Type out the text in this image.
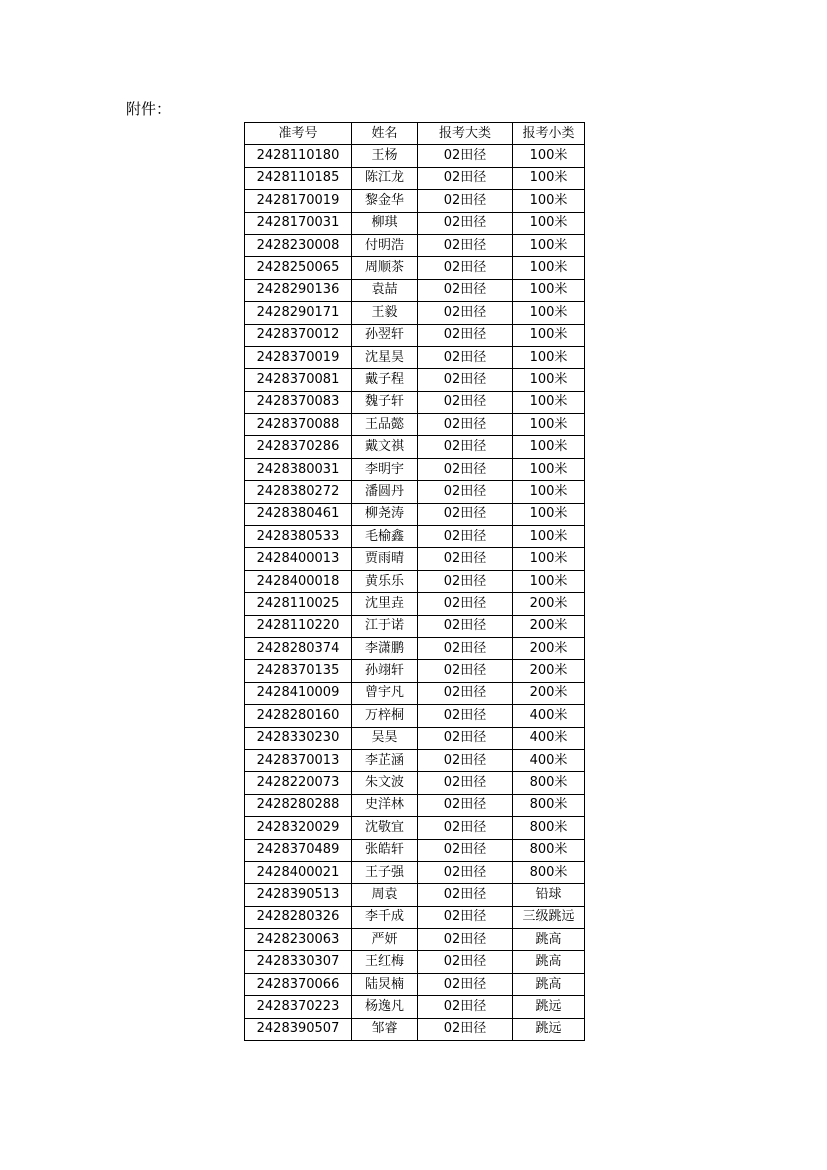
附件：
准考号	姓名	报考大类	报考小类
2428110180	王杨	02田径	100米
2428110185	陈江龙	02田径	100米
2428170019	黎金华	02田径	100米
2428170031	柳琪	02田径	100米
2428230008	付明浩	02田径	100米
2428250065	周顺茶	02田径	100米
2428290136	袁喆	02田径	100米
2428290171	王毅	02田径	100米
2428370012	孙翌轩	02田径	100米
2428370019	沈星昊	02田径	100米
2428370081	戴子程	02田径	100米
2428370083	魏子轩	02田径	100米
2428370088	王品懿	02田径	100米
2428370286	戴文祺	02田径	100米
2428380031	李明宇	02田径	100米
2428380272	潘圆丹	02田径	100米
2428380461	柳尧涛	02田径	100米
2428380533	毛榆鑫	02田径	100米
2428400013	贾雨晴	02田径	100米
2428400018	黄乐乐	02田径	100米
2428110025	沈里垚	02田径	200米
2428110220	江于诺	02田径	200米
2428280374	李潇鹏	02田径	200米
2428370135	孙翊轩	02田径	200米
2428410009	曾宇凡	02田径	200米
2428280160	万梓桐	02田径	400米
2428330230	吴昊	02田径	400米
2428370013	李芷涵	02田径	400米
2428220073	朱文波	02田径	800米
2428280288	史洋林	02田径	800米
2428320029	沈敬宜	02田径	800米
2428370489	张皓轩	02田径	800米
2428400021	王子强	02田径	800米
2428390513	周袁	02田径	铅球
2428280326	李千成	02田径	三级跳远
2428230063	严妍	02田径	跳高
2428330307	王红梅	02田径	跳高
2428370066	陆炅楠	02田径	跳高
2428370223	杨逸凡	02田径	跳远
2428390507	邹睿	02田径	跳远
